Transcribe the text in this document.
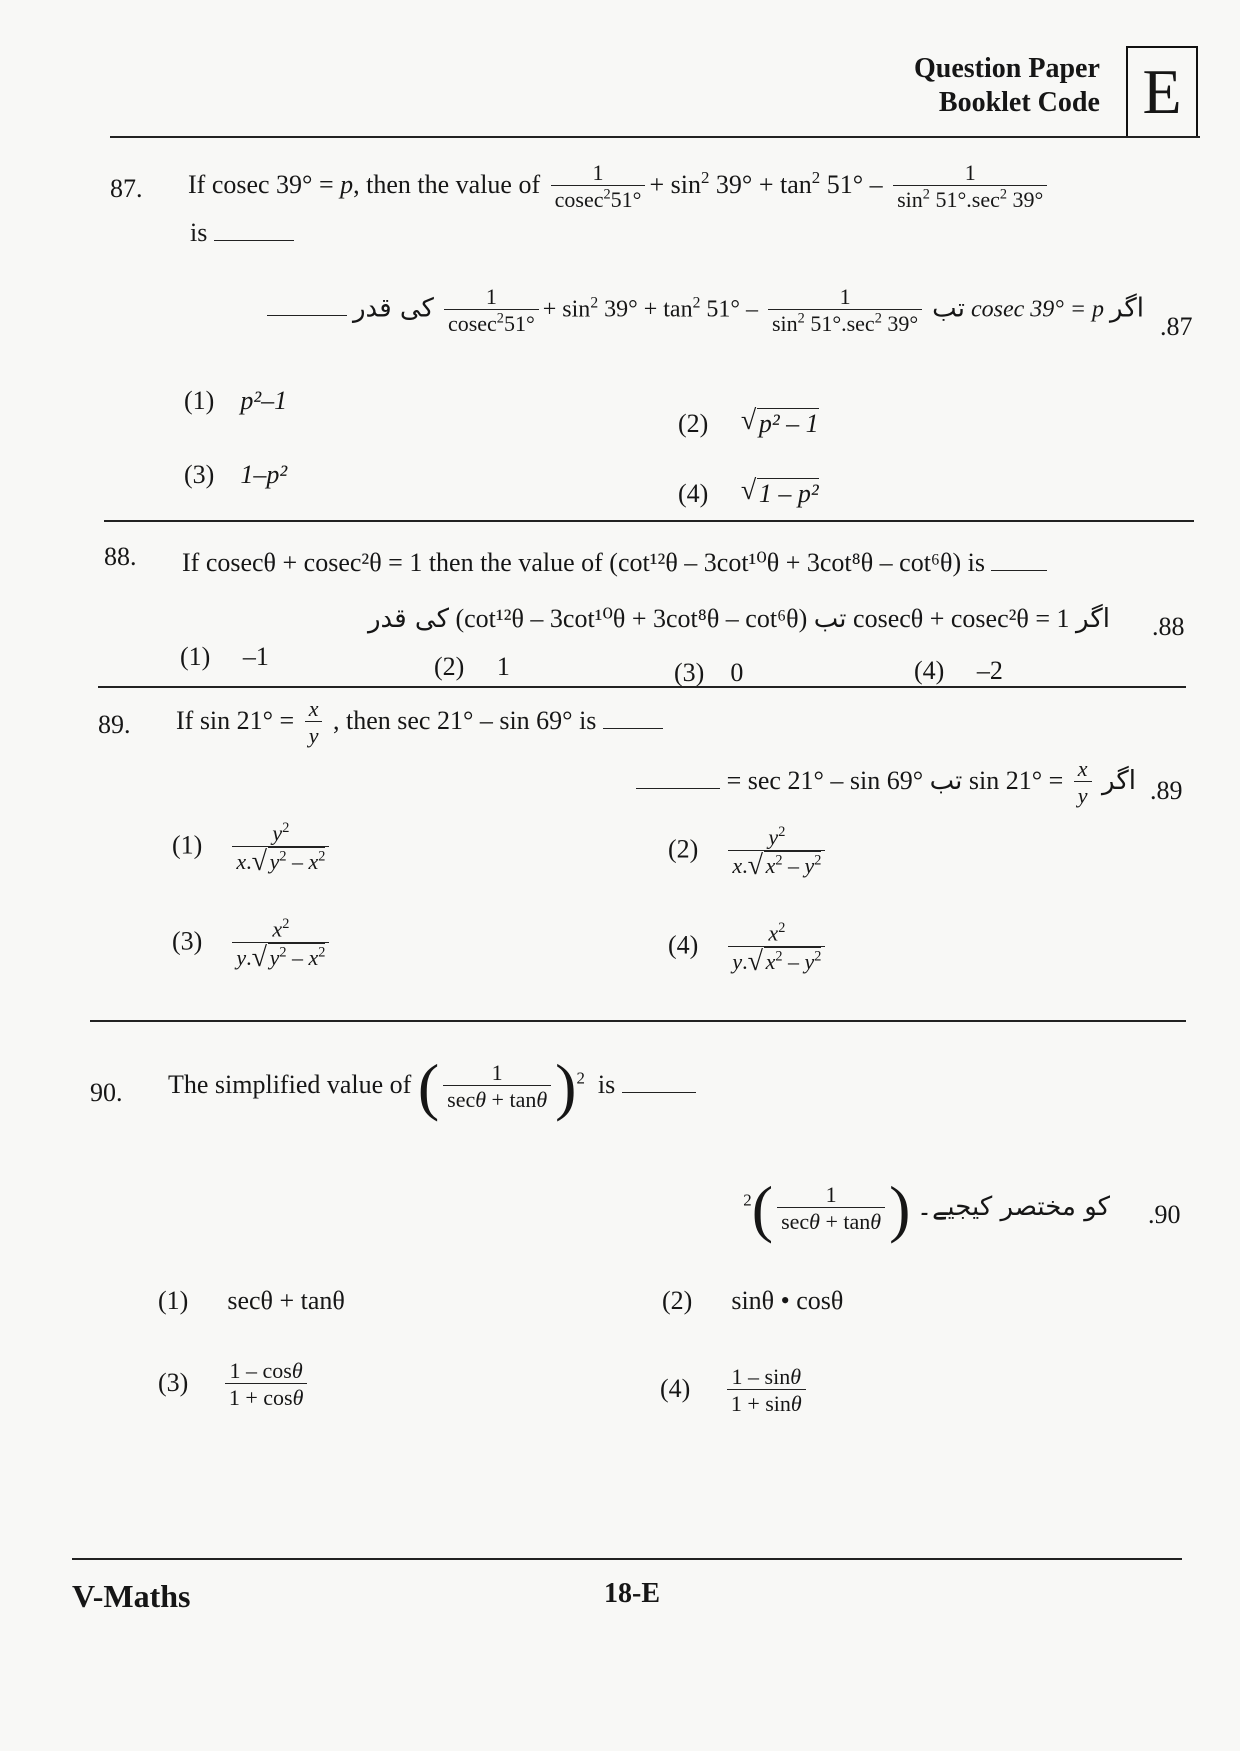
Question Paper
Booklet Code E
87. If cosec 39° = p, then the value of $\frac{1}{cosec^251^\circ} + \sin^2 39^\circ + \tan^2 51^\circ - \frac{1}{\sin^2 51^\circ.\sec^2 39^\circ}$
is
.87
کی قدر $\frac{1}{cosec^251^\circ} + \sin^2 39^\circ + \tan^2 51^\circ - \frac{1}{\sin^2 51^\circ.\sec^2 39^\circ}$ تب cosec 39° = p اگر
(1) p²–1
(2) √ p² – 1
(3) 1–p²
(4) √ 1 – p²
88. If cosecθ + cosec²θ = 1 then the value of (cot¹²θ – 3cot¹⁰θ + 3cot⁸θ – cot⁶θ) is
.88
کی قدر (cot¹²θ – 3cot¹⁰θ + 3cot⁸θ – cot⁶θ) تب cosecθ + cosec²θ = 1 اگر
(1) –1	(2) 1	(3) 0	(4) –2
89. If $\sin 21^\circ = \frac{x}{y}$ , then sec 21° – sin 69° is
.89
= sec 21° – sin 69° تب $\sin 21^\circ = \frac{x}{y}$ اگر
$(1) \frac{y^2}{x. √ y^2 - x^2}$	$(2) \frac{y^2}{x. √ x^2 - y^2}$
$(3) \frac{x^2}{y. √ y^2 - x^2}$	$(4) \frac{x^2}{y. √ x^2 - y^2}$
90. The simplified value of ( $\frac{1}{\sec\theta + \tan\theta} )^2$ is
.90
کو مختصر کیجیے۔ (
$\frac{1}{\sec\theta + \tan\theta}$
)$^2$
(1) secθ + tanθ	(2) sinθ • cosθ
$(3) \frac{1 - \cos\theta}{1 + \cos\theta}$	$(4) \frac{1 - \sin\theta}{1 + \sin\theta}$
V-Maths	18-E
